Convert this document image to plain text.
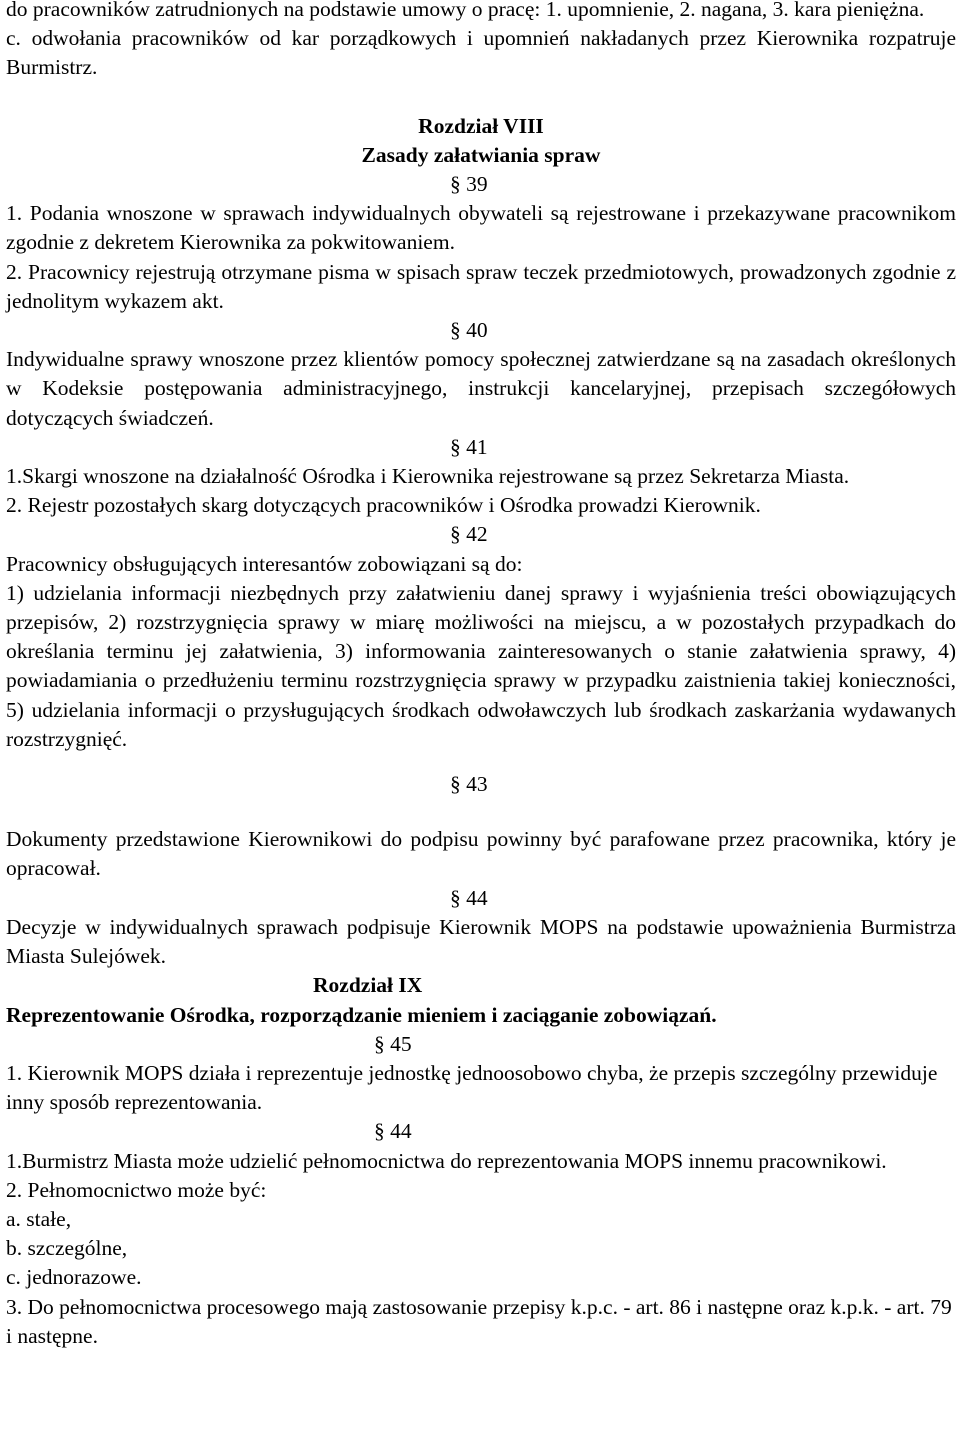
do pracowników zatrudnionych na podstawie umowy o pracę: 1. upomnienie, 2. nagana, 3. kara pieniężna.

c. odwołania pracowników od kar porządkowych i upomnień nakładanych przez Kierownika rozpatruje Burmistrz.

Rozdział VIII

Zasady załatwiania spraw

§ 39

1. Podania wnoszone w sprawach indywidualnych obywateli są rejestrowane i przekazywane pracownikom zgodnie z dekretem Kierownika za pokwitowaniem.

2. Pracownicy rejestrują otrzymane pisma w spisach spraw teczek przedmiotowych, prowadzonych zgodnie z jednolitym wykazem akt.

§ 40

Indywidualne sprawy wnoszone przez klientów pomocy społecznej zatwierdzane są na zasadach określonych w Kodeksie postępowania administracyjnego, instrukcji kancelaryjnej, przepisach szczegółowych dotyczących świadczeń.

§ 41

1.Skargi wnoszone na działalność Ośrodka i Kierownika rejestrowane są przez Sekretarza Miasta.

2. Rejestr pozostałych skarg dotyczących pracowników i Ośrodka prowadzi Kierownik.

§ 42

Pracownicy obsługujących interesantów zobowiązani są do:

1) udzielania informacji niezbędnych przy załatwieniu danej sprawy i wyjaśnienia treści obowiązujących przepisów, 2) rozstrzygnięcia sprawy w miarę możliwości na miejscu, a w pozostałych przypadkach do określania terminu jej załatwienia, 3) informowania zainteresowanych o stanie załatwienia sprawy, 4) powiadamiania o przedłużeniu terminu rozstrzygnięcia sprawy w przypadku zaistnienia takiej konieczności, 5) udzielania informacji o przysługujących środkach odwoławczych lub środkach zaskarżania wydawanych rozstrzygnięć.

§ 43

Dokumenty przedstawione Kierownikowi do podpisu powinny być parafowane przez pracownika, który je opracował.

§ 44

Decyzje w indywidualnych sprawach podpisuje Kierownik MOPS na podstawie upoważnienia Burmistrza Miasta Sulejówek.

Rozdział IX

Reprezentowanie Ośrodka, rozporządzanie mieniem i zaciąganie zobowiązań.

§ 45

1. Kierownik MOPS działa i reprezentuje jednostkę jednoosobowo chyba, że przepis szczególny przewiduje inny sposób reprezentowania.

§ 44

1.Burmistrz Miasta może udzielić pełnomocnictwa do reprezentowania MOPS innemu pracownikowi.

2. Pełnomocnictwo może być:

a. stałe,

b. szczególne,

c. jednorazowe.

3. Do pełnomocnictwa procesowego mają zastosowanie przepisy k.p.c. - art. 86 i następne oraz k.p.k. - art. 79 i następne.
